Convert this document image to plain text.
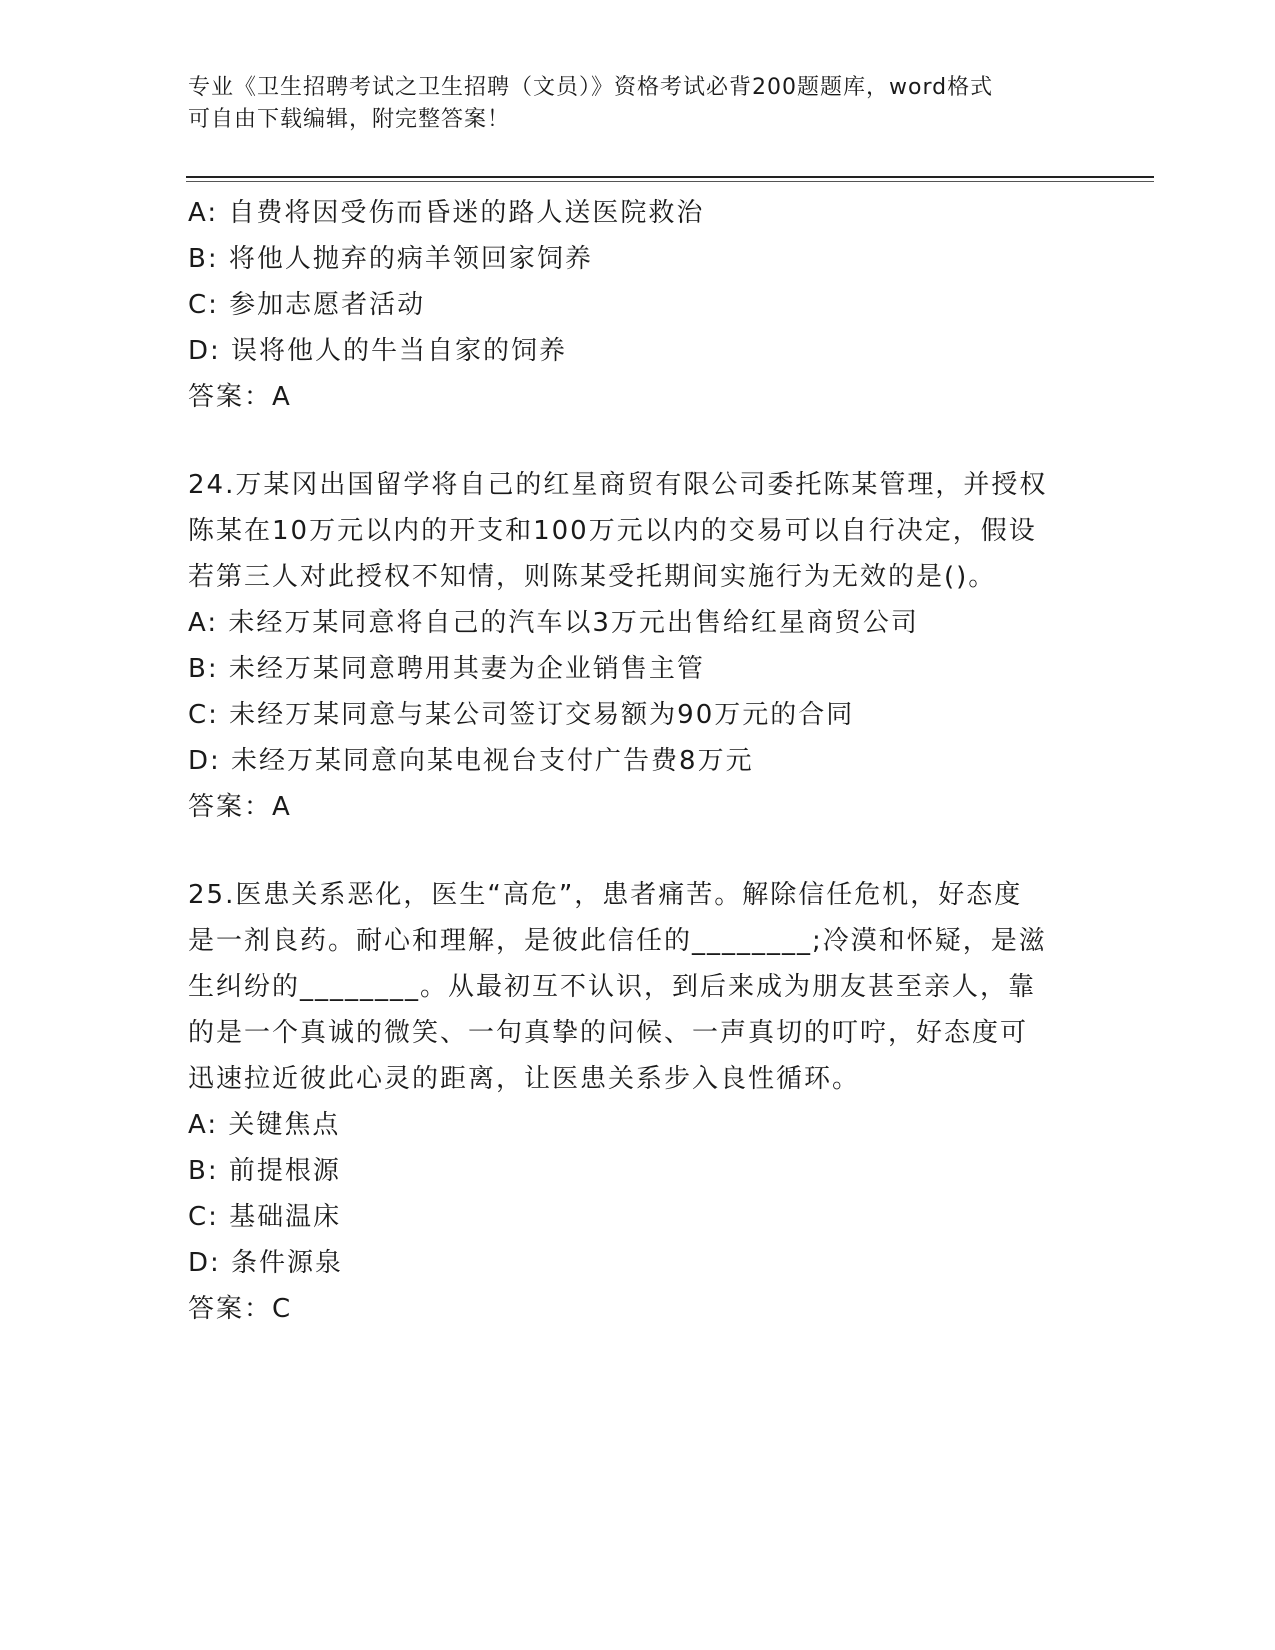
专业《卫生招聘考试之卫生招聘（文员）》资格考试必背200题题库，word格式
可自由下载编辑，附完整答案！
A: 自费将因受伤而昏迷的路人送医院救治
B: 将他人抛弃的病羊领回家饲养
C: 参加志愿者活动
D: 误将他人的牛当自家的饲养
答案：A
24.万某冈出国留学将自己的红星商贸有限公司委托陈某管理，并授权
陈某在10万元以内的开支和100万元以内的交易可以自行决定，假设
若第三人对此授权不知情，则陈某受托期间实施行为无效的是()。
A: 未经万某同意将自己的汽车以3万元出售给红星商贸公司
B: 未经万某同意聘用其妻为企业销售主管
C: 未经万某同意与某公司签订交易额为90万元的合同
D: 未经万某同意向某电视台支付广告费8万元
答案：A
25.医患关系恶化，医生“高危”，患者痛苦。解除信任危机，好态度
是一剂良药。耐心和理解，是彼此信任的________;冷漠和怀疑，是滋
生纠纷的________。从最初互不认识，到后来成为朋友甚至亲人，靠
的是一个真诚的微笑、一句真挚的问候、一声真切的叮咛，好态度可
迅速拉近彼此心灵的距离，让医患关系步入良性循环。
A: 关键焦点
B: 前提根源
C: 基础温床
D: 条件源泉
答案：C
